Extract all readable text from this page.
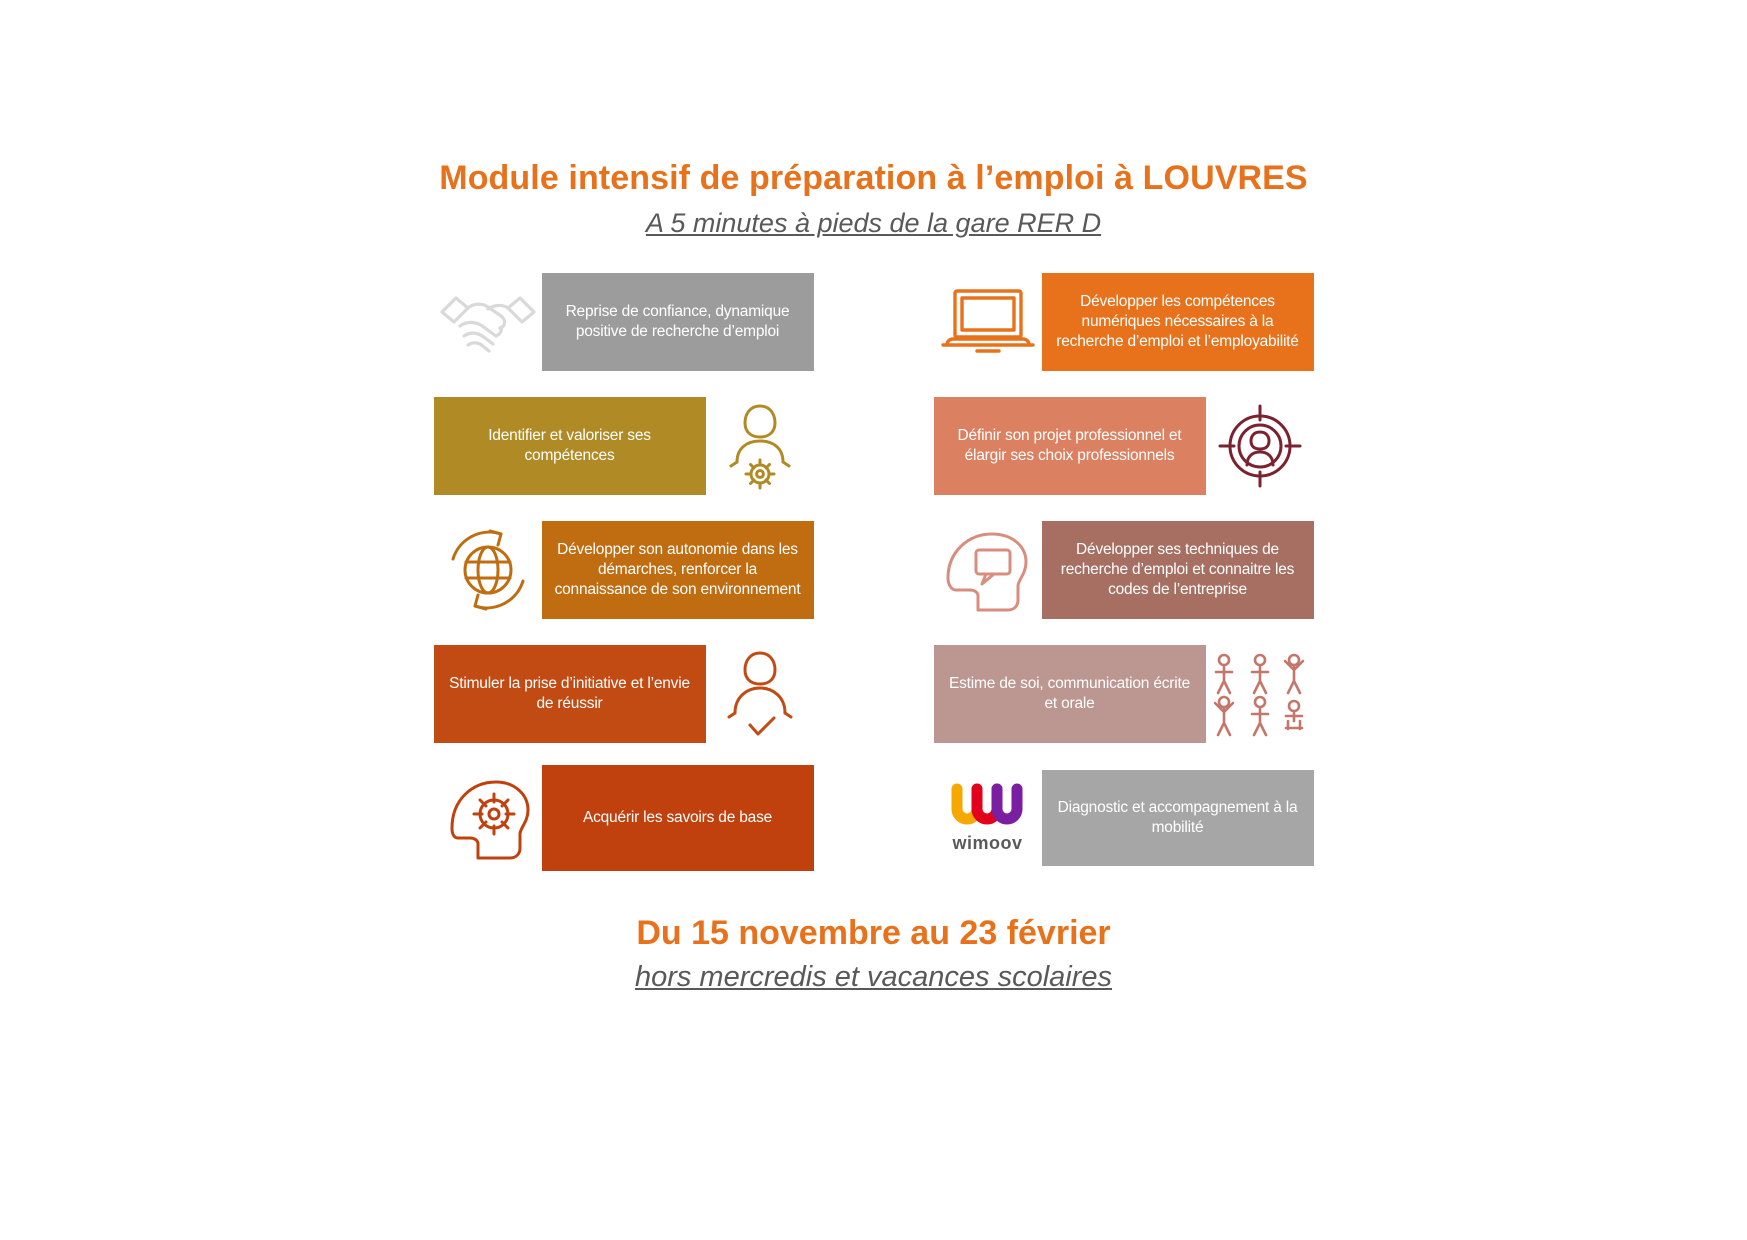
Module intensif de préparation à l’emploi à LOUVRES
A 5 minutes à pieds de la gare RER D
Reprise de confiance, dynamique positive de recherche d’emploi
Identifier et valoriser ses compétences
Développer son autonomie dans les démarches, renforcer la connaissance de son environnement
Stimuler la prise d’initiative et l’envie de réussir
Acquérir les savoirs de base
Développer les compétences numériques nécessaires à la recherche d’emploi et l’employabilité
Définir son projet professionnel et élargir ses choix professionnels
Développer ses techniques de recherche d’emploi et connaitre les codes de l’entreprise
Estime de soi, communication écrite et orale
wimoov
Diagnostic et accompagnement à la mobilité
Du 15 novembre au 23 février
hors mercredis et vacances scolaires
